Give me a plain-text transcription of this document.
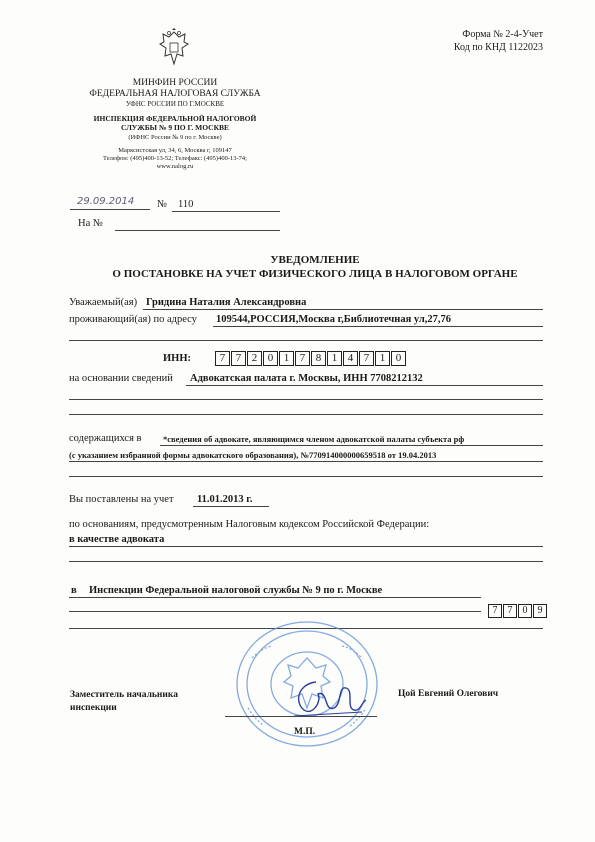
Форма № 2-4-Учет
Код по КНД 1122023
МИНФИН РОССИИ
ФЕДЕРАЛЬНАЯ НАЛОГОВАЯ СЛУЖБА
УФНС РОССИИ ПО Г.МОСКВЕ
ИНСПЕКЦИЯ ФЕДЕРАЛЬНОЙ НАЛОГОВОЙ
СЛУЖБЫ № 9 ПО Г. МОСКВЕ
(ИФНС России № 9 по г. Москве)
Марксистская ул, 34, 6, Москва г, 109147
Телефон: (495)400-13-52; Телефакс: (495)400-13-74;
www.nalog.ru
29.09.2014 № 110
На №
УВЕДОМЛЕНИЕ
О ПОСТАНОВКЕ НА УЧЕТ ФИЗИЧЕСКОГО ЛИЦА В НАЛОГОВОМ ОРГАНЕ
Уважаемый(ая) Гридина Наталия Александровна
проживающий(ая) по адресу 109544,РОССИЯ,Москва г,Библиотечная ул,27,76
ИНН:	7 7 2 0 1 7 8 1 4 7 1 0
на основании сведений Адвокатская палата г. Москвы, ИНН 7708212132
содержащихся в	*сведения об адвокате, являющимся членом адвокатской палаты субъекта рф
(с указанием избранной формы адвокатского образования), №770914000000659518 от 19.04.2013
Вы поставлены на учет 11.01.2013 г.
по основаниям, предусмотренным Налоговым кодексом Российской Федерации:
в качестве адвоката
в Инспекции Федеральной налоговой службы № 9 по г. Москве
7	7	0	9
Заместитель начальника
инспекции
Цой Евгений Олегович
М.П.
